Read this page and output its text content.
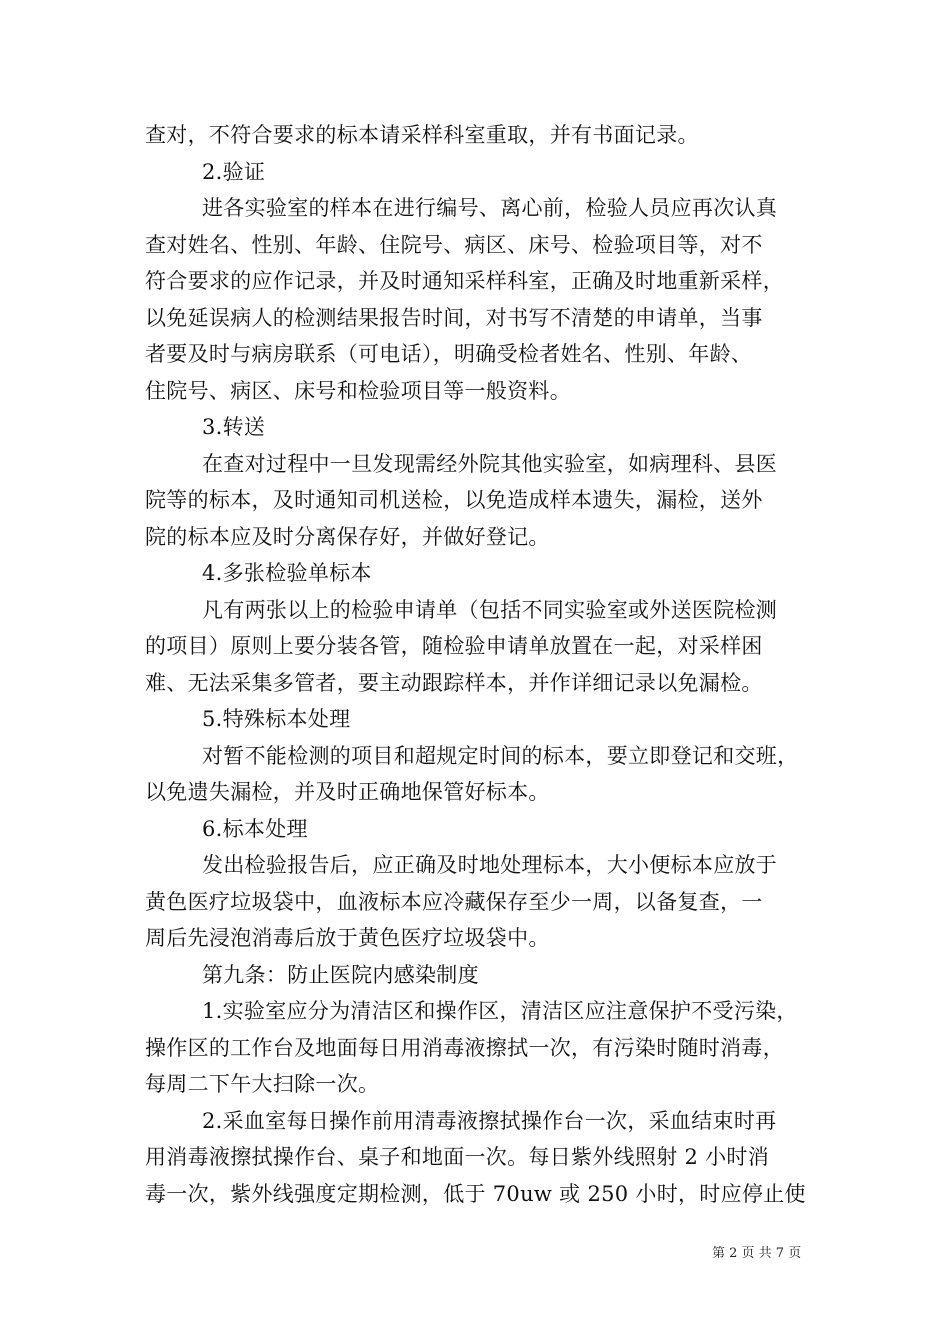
查对，不符合要求的标本请采样科室重取，并有书面记录。
2.验证
进各实验室的样本在进行编号、离心前，检验人员应再次认真
查对姓名、性别、年龄、住院号、病区、床号、检验项目等，对不
符合要求的应作记录，并及时通知采样科室，正确及时地重新采样，
以免延误病人的检测结果报告时间，对书写不清楚的申请单，当事
者要及时与病房联系（可电话），明确受检者姓名、性别、年龄、
住院号、病区、床号和检验项目等一般资料。
3.转送
在查对过程中一旦发现需经外院其他实验室，如病理科、县医
院等的标本，及时通知司机送检，以免造成样本遗失，漏检，送外
院的标本应及时分离保存好，并做好登记。
4.多张检验单标本
凡有两张以上的检验申请单（包括不同实验室或外送医院检测
的项目）原则上要分装各管，随检验申请单放置在一起，对采样困
难、无法采集多管者，要主动跟踪样本，并作详细记录以免漏检。
5.特殊标本处理
对暂不能检测的项目和超规定时间的标本，要立即登记和交班，
以免遗失漏检，并及时正确地保管好标本。
6.标本处理
发出检验报告后，应正确及时地处理标本，大小便标本应放于
黄色医疗垃圾袋中，血液标本应冷藏保存至少一周，以备复查，一
周后先浸泡消毒后放于黄色医疗垃圾袋中。
第九条：防止医院内感染制度
1.实验室应分为清洁区和操作区，清洁区应注意保护不受污染，
操作区的工作台及地面每日用消毒液擦拭一次，有污染时随时消毒，
每周二下午大扫除一次。
2.采血室每日操作前用清毒液擦拭操作台一次，采血结束时再
用消毒液擦拭操作台、桌子和地面一次。每日紫外线照射 2 小时消
毒一次，紫外线强度定期检测，低于 70uw 或 250 小时，时应停止使
第 2 页 共 7 页
